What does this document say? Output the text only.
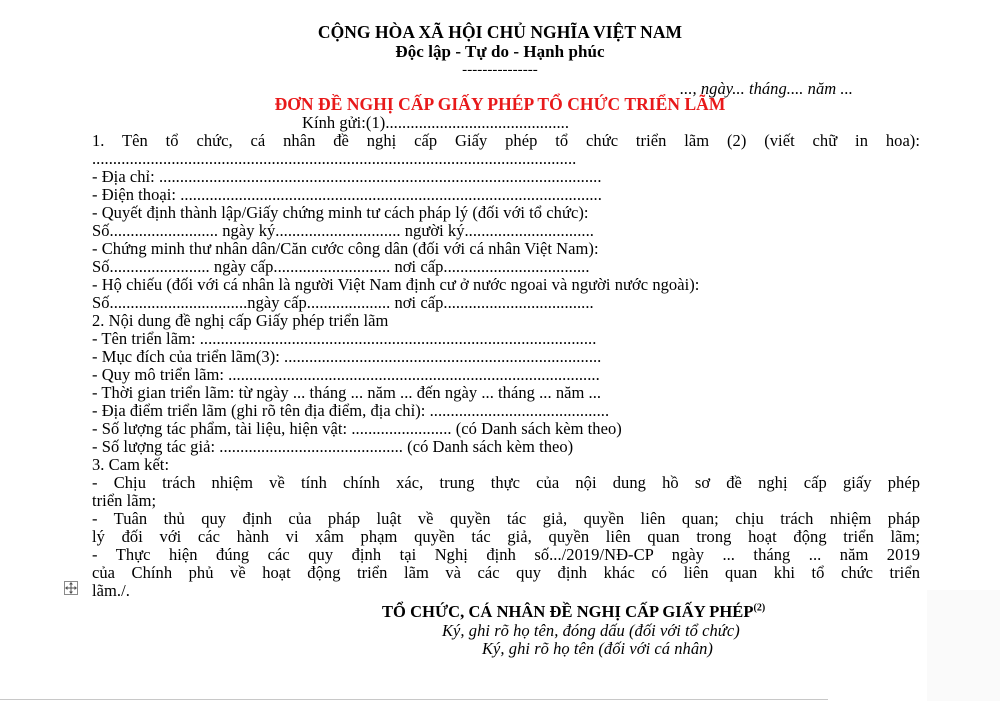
CỘNG HÒA XÃ HỘI CHỦ NGHĨA VIỆT NAM
Độc lập - Tự do - Hạnh phúc
---------------
..., ngày... tháng.... năm ...
ĐƠN ĐỀ NGHỊ CẤP GIẤY PHÉP TỔ CHỨC TRIỂN LÃM
Kính gửi:(1)............................................
1. Tên tổ chức, cá nhân đề nghị cấp Giấy phép tổ chức triển lãm (2) (viết chữ in hoa):
....................................................................................................................
- Địa chỉ: ..........................................................................................................
- Điện thoại: .....................................................................................................
- Quyết định thành lập/Giấy chứng minh tư cách pháp lý (đối với tổ chức):
Số.......................... ngày ký.............................. người ký...............................
- Chứng minh thư nhân dân/Căn cước công dân (đối với cá nhân Việt Nam):
Số........................ ngày cấp............................ nơi cấp...................................
- Hộ chiếu (đối với cá nhân là người Việt Nam định cư ở nước ngoai và người nước ngoài):
Số.................................ngày cấp.................... nơi cấp....................................
2. Nội dung đề nghị cấp Giấy phép triển lãm
- Tên triển lãm: ...............................................................................................
- Mục đích của triển lãm(3): ............................................................................
- Quy mô triển lãm: .........................................................................................
- Thời gian triển lãm: từ ngày ... tháng ... năm ... đến ngày ... tháng ... năm ...
- Địa điểm triển lãm (ghi rõ tên địa điểm, địa chỉ): ...........................................
- Số lượng tác phẩm, tài liệu, hiện vật: ........................ (có Danh sách kèm theo)
- Số lượng tác giả: ............................................ (có Danh sách kèm theo)
3. Cam kết:
- Chịu trách nhiệm về tính chính xác, trung thực của nội dung hồ sơ đề nghị cấp giấy phép
triển lãm;
- Tuân thủ quy định của pháp luật về quyền tác giả, quyền liên quan; chịu trách nhiệm pháp
lý đối với các hành vi xâm phạm quyền tác giả, quyền liên quan trong hoạt động triển lãm;
- Thực hiện đúng các quy định tại Nghị định số.../2019/NĐ-CP ngày ... tháng ... năm 2019
của Chính phủ về hoạt động triển lãm và các quy định khác có liên quan khi tổ chức triển
lãm./.
TỔ CHỨC, CÁ NHÂN ĐỀ NGHỊ CẤP GIẤY PHÉP$^{(2)}$
Ký, ghi rõ họ tên, đóng dấu (đối với tổ chức)
Ký, ghi rõ họ tên (đối với cá nhân)
